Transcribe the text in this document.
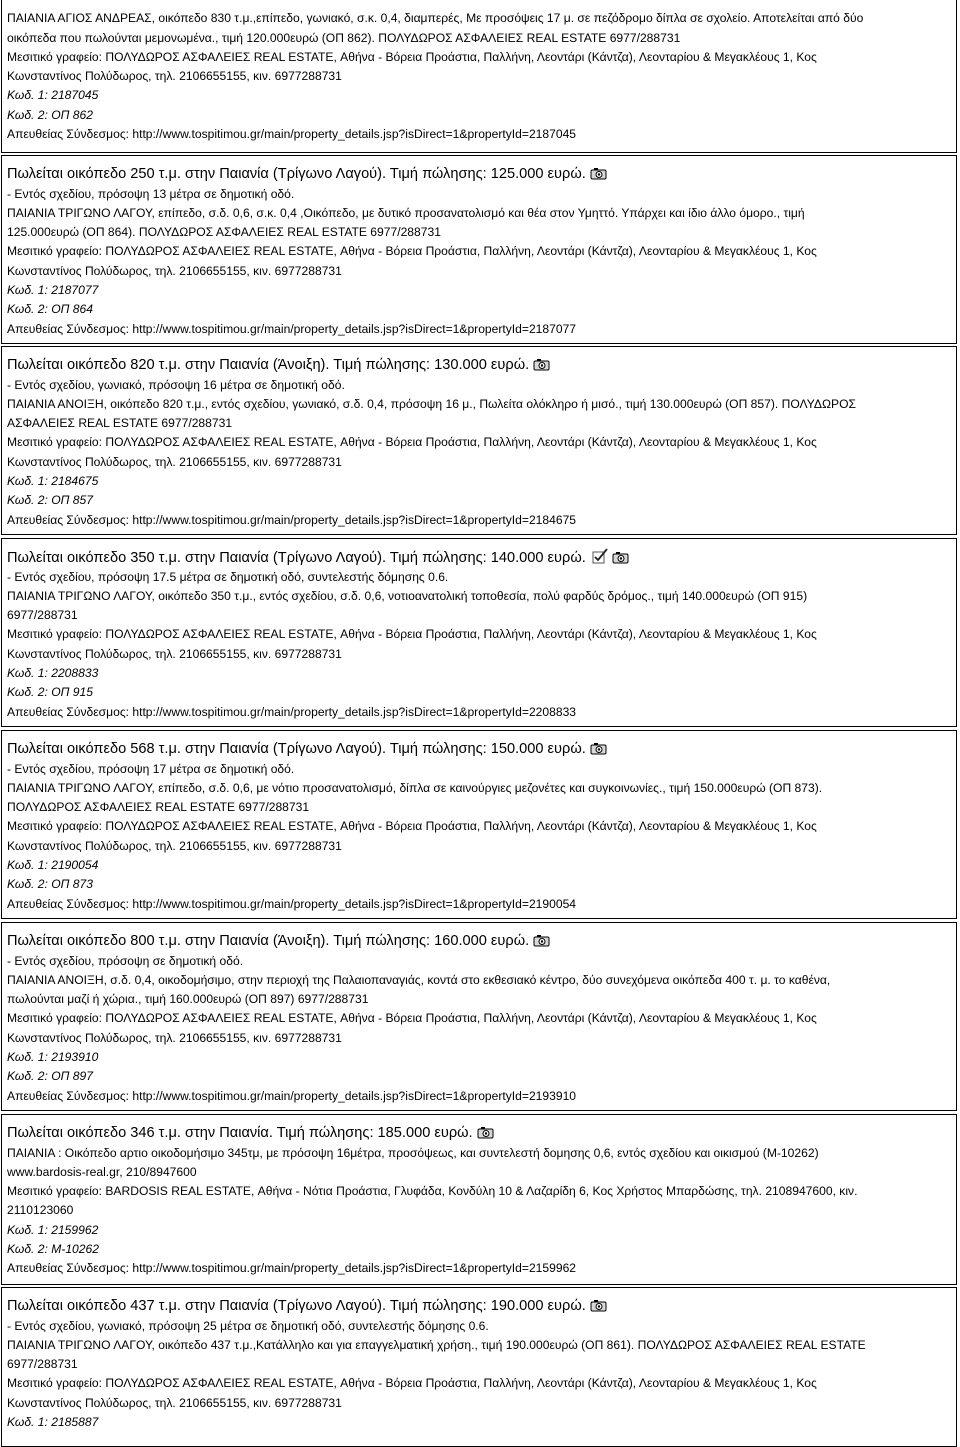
ΠΑΙΑΝΙΑ ΑΓΙΟΣ ΑΝΔΡΕΑΣ, οικόπεδο 830 τ.μ.,επίπεδο, γωνιακό, σ.κ. 0,4, διαμπερές, Με προσόψεις 17 μ. σε πεζόδρομο δίπλα σε σχολείο. Αποτελείται από δύο
οικόπεδα που πωλούνται μεμονωμένα., τιμή 120.000ευρώ (ΟΠ 862). ΠΟΛΥΔΩΡΟΣ ΑΣΦΑΛΕΙΕΣ REAL ESTATE 6977/288731
Μεσιτικό γραφείο: ΠΟΛΥΔΩΡΟΣ ΑΣΦΑΛΕΙΕΣ REAL ESTATE, Αθήνα - Βόρεια Προάστια, Παλλήνη, Λεοντάρι (Κάντζα), Λεονταρίου & Μεγακλέους 1, Κος
Κωνσταντίνος Πολύδωρος, τηλ. 2106655155, κιν. 6977288731
Κωδ. 1: 2187045
Κωδ. 2: ΟΠ 862
Απευθείας Σύνδεσμος: http://www.tospitimou.gr/main/property_details.jsp?isDirect=1&propertyId=2187045
Πωλείται οικόπεδο 250 τ.μ. στην Παιανία (Τρίγωνο Λαγού). Τιμή πώλησης: 125.000 ευρώ.
- Εντός σχεδίου, πρόσοψη 13 μέτρα σε δημοτική οδό.
ΠΑΙΑΝΙΑ ΤΡΙΓΩΝΟ ΛΑΓΟΥ, επίπεδο, σ.δ. 0,6, σ.κ. 0,4 ,Οικόπεδο, με δυτικό προσανατολισμό και θέα στον Υμηττό. Υπάρχει και ίδιο άλλο όμορο., τιμή
125.000ευρώ (ΟΠ 864). ΠΟΛΥΔΩΡΟΣ ΑΣΦΑΛΕΙΕΣ REAL ESTATE 6977/288731
Μεσιτικό γραφείο: ΠΟΛΥΔΩΡΟΣ ΑΣΦΑΛΕΙΕΣ REAL ESTATE, Αθήνα - Βόρεια Προάστια, Παλλήνη, Λεοντάρι (Κάντζα), Λεονταρίου & Μεγακλέους 1, Κος
Κωνσταντίνος Πολύδωρος, τηλ. 2106655155, κιν. 6977288731
Κωδ. 1: 2187077
Κωδ. 2: ΟΠ 864
Απευθείας Σύνδεσμος: http://www.tospitimou.gr/main/property_details.jsp?isDirect=1&propertyId=2187077
Πωλείται οικόπεδο 820 τ.μ. στην Παιανία (Άνοιξη). Τιμή πώλησης: 130.000 ευρώ.
- Εντός σχεδίου, γωνιακό, πρόσοψη 16 μέτρα σε δημοτική οδό.
ΠΑΙΑΝΙΑ ΑΝΟΙΞΗ, οικόπεδο 820 τ.μ., εντός σχεδίου, γωνιακό, σ.δ. 0,4, πρόσοψη 16 μ., Πωλείτα ολόκληρο ή μισό., τιμή 130.000ευρώ (ΟΠ 857). ΠΟΛΥΔΩΡΟΣ
ΑΣΦΑΛΕΙΕΣ REAL ESTATE 6977/288731
Μεσιτικό γραφείο: ΠΟΛΥΔΩΡΟΣ ΑΣΦΑΛΕΙΕΣ REAL ESTATE, Αθήνα - Βόρεια Προάστια, Παλλήνη, Λεοντάρι (Κάντζα), Λεονταρίου & Μεγακλέους 1, Κος
Κωνσταντίνος Πολύδωρος, τηλ. 2106655155, κιν. 6977288731
Κωδ. 1: 2184675
Κωδ. 2: ΟΠ 857
Απευθείας Σύνδεσμος: http://www.tospitimou.gr/main/property_details.jsp?isDirect=1&propertyId=2184675
Πωλείται οικόπεδο 350 τ.μ. στην Παιανία (Τρίγωνο Λαγού). Τιμή πώλησης: 140.000 ευρώ.
- Εντός σχεδίου, πρόσοψη 17.5 μέτρα σε δημοτική οδό, συντελεστής δόμησης 0.6.
ΠΑΙΑΝΙΑ ΤΡΙΓΩΝΟ ΛΑΓΟΥ, οικόπεδο 350 τ.μ., εντός σχεδίου, σ.δ. 0,6, νοτιοανατολική τοποθεσία, πολύ φαρδύς δρόμος., τιμή 140.000ευρώ (ΟΠ 915)
6977/288731
Μεσιτικό γραφείο: ΠΟΛΥΔΩΡΟΣ ΑΣΦΑΛΕΙΕΣ REAL ESTATE, Αθήνα - Βόρεια Προάστια, Παλλήνη, Λεοντάρι (Κάντζα), Λεονταρίου & Μεγακλέους 1, Κος
Κωνσταντίνος Πολύδωρος, τηλ. 2106655155, κιν. 6977288731
Κωδ. 1: 2208833
Κωδ. 2: ΟΠ 915
Απευθείας Σύνδεσμος: http://www.tospitimou.gr/main/property_details.jsp?isDirect=1&propertyId=2208833
Πωλείται οικόπεδο 568 τ.μ. στην Παιανία (Τρίγωνο Λαγού). Τιμή πώλησης: 150.000 ευρώ.
- Εντός σχεδίου, πρόσοψη 17 μέτρα σε δημοτική οδό.
ΠΑΙΑΝΙΑ ΤΡΙΓΩΝΟ ΛΑΓΟΥ, επίπεδο, σ.δ. 0,6, με νότιο προσανατολισμό, δίπλα σε καινούργιες μεζονέτες και συγκοινωνίες., τιμή 150.000ευρώ (ΟΠ 873).
ΠΟΛΥΔΩΡΟΣ ΑΣΦΑΛΕΙΕΣ REAL ESTATE 6977/288731
Μεσιτικό γραφείο: ΠΟΛΥΔΩΡΟΣ ΑΣΦΑΛΕΙΕΣ REAL ESTATE, Αθήνα - Βόρεια Προάστια, Παλλήνη, Λεοντάρι (Κάντζα), Λεονταρίου & Μεγακλέους 1, Κος
Κωνσταντίνος Πολύδωρος, τηλ. 2106655155, κιν. 6977288731
Κωδ. 1: 2190054
Κωδ. 2: ΟΠ 873
Απευθείας Σύνδεσμος: http://www.tospitimou.gr/main/property_details.jsp?isDirect=1&propertyId=2190054
Πωλείται οικόπεδο 800 τ.μ. στην Παιανία (Άνοιξη). Τιμή πώλησης: 160.000 ευρώ.
- Εντός σχεδίου, πρόσοψη σε δημοτική οδό.
ΠΑΙΑΝΙΑ ΑΝΟΙΞΗ, σ.δ. 0,4, οικοδομήσιμο, στην περιοχή της Παλαιοπαναγιάς, κοντά στο εκθεσιακό κέντρο, δύο συνεχόμενα οικόπεδα 400 τ. μ. το καθένα,
πωλούνται μαζί ή χώρια., τιμή 160.000ευρώ (ΟΠ 897) 6977/288731
Μεσιτικό γραφείο: ΠΟΛΥΔΩΡΟΣ ΑΣΦΑΛΕΙΕΣ REAL ESTATE, Αθήνα - Βόρεια Προάστια, Παλλήνη, Λεοντάρι (Κάντζα), Λεονταρίου & Μεγακλέους 1, Κος
Κωνσταντίνος Πολύδωρος, τηλ. 2106655155, κιν. 6977288731
Κωδ. 1: 2193910
Κωδ. 2: ΟΠ 897
Απευθείας Σύνδεσμος: http://www.tospitimou.gr/main/property_details.jsp?isDirect=1&propertyId=2193910
Πωλείται οικόπεδο 346 τ.μ. στην Παιανία. Τιμή πώλησης: 185.000 ευρώ.
ΠΑΙΑΝΙΑ : Οικόπεδο αρτιο οικοδομήσιμο 345τμ, με πρόσοψη 16μέτρα, προσόψεως, και συντελεστή δομησης 0,6, εντός σχεδίου και οικισμού (Μ-10262)
www.bardosis-real.gr, 210/8947600
Μεσιτικό γραφείο: BARDOSIS REAL ESTATE, Αθήνα - Νότια Προάστια, Γλυφάδα, Κονδύλη 10 & Λαζαρίδη 6, Κος Χρήστος Μπαρδώσης, τηλ. 2108947600, κιν.
2110123060
Κωδ. 1: 2159962
Κωδ. 2: Μ-10262
Απευθείας Σύνδεσμος: http://www.tospitimou.gr/main/property_details.jsp?isDirect=1&propertyId=2159962
Πωλείται οικόπεδο 437 τ.μ. στην Παιανία (Τρίγωνο Λαγού). Τιμή πώλησης: 190.000 ευρώ.
- Εντός σχεδίου, γωνιακό, πρόσοψη 25 μέτρα σε δημοτική οδό, συντελεστής δόμησης 0.6.
ΠΑΙΑΝΙΑ ΤΡΙΓΩΝΟ ΛΑΓΟΥ, οικόπεδο 437 τ.μ.,Κατάλληλο και για επαγγελματική χρήση., τιμή 190.000ευρώ (ΟΠ 861). ΠΟΛΥΔΩΡΟΣ ΑΣΦΑΛΕΙΕΣ REAL ESTATE
6977/288731
Μεσιτικό γραφείο: ΠΟΛΥΔΩΡΟΣ ΑΣΦΑΛΕΙΕΣ REAL ESTATE, Αθήνα - Βόρεια Προάστια, Παλλήνη, Λεοντάρι (Κάντζα), Λεονταρίου & Μεγακλέους 1, Κος
Κωνσταντίνος Πολύδωρος, τηλ. 2106655155, κιν. 6977288731
Κωδ. 1: 2185887
